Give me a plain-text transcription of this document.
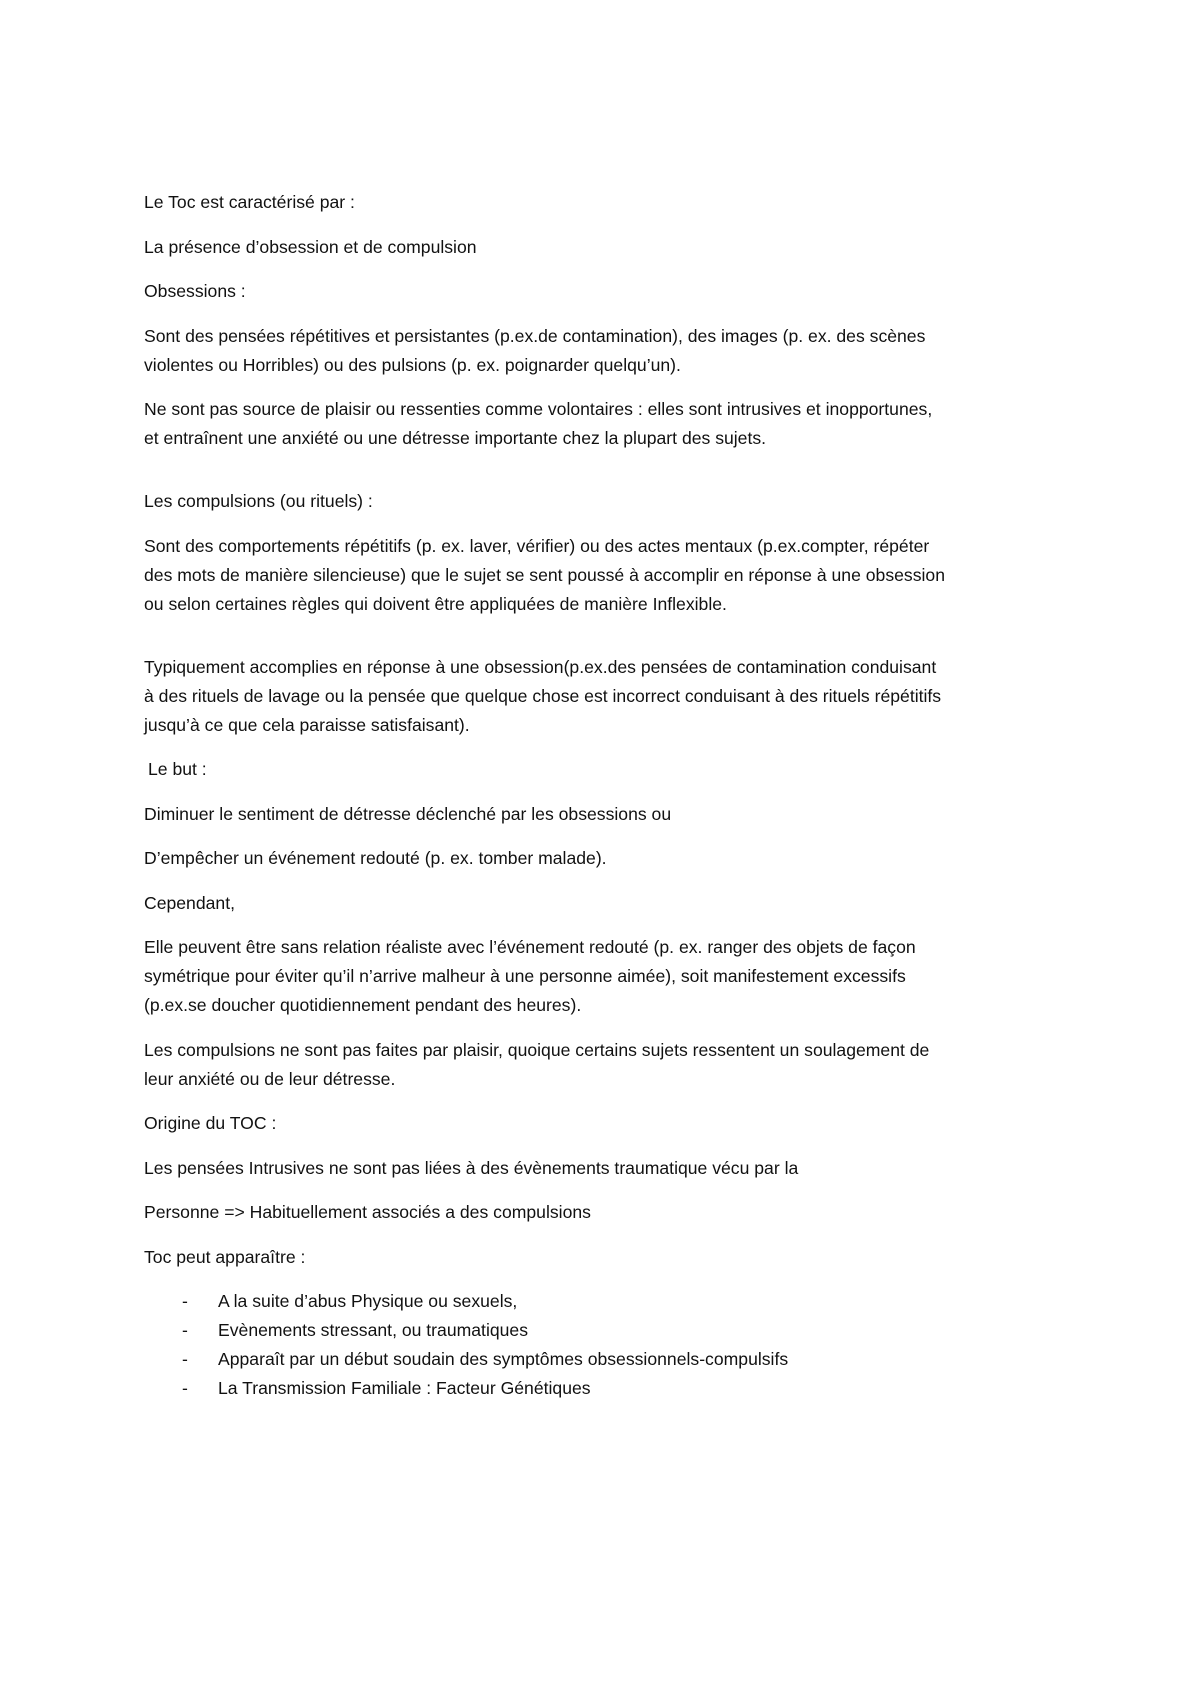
Le Toc est caractérisé par :

La présence d’obsession et de compulsion

Obsessions :

Sont des pensées répétitives et persistantes (p.ex.de contamination), des images (p. ex. des scènes
violentes ou Horribles) ou des pulsions (p. ex. poignarder quelqu’un).

Ne sont pas source de plaisir ou ressenties comme volontaires : elles sont intrusives et inopportunes,
et entraînent une anxiété ou une détresse importante chez la plupart des sujets.

Les compulsions (ou rituels) :

Sont des comportements répétitifs (p. ex. laver, vérifier) ou des actes mentaux (p.ex.compter, répéter
des mots de manière silencieuse) que le sujet se sent poussé à accomplir en réponse à une obsession
ou selon certaines règles qui doivent être appliquées de manière Inflexible.

Typiquement accomplies en réponse à une obsession(p.ex.des pensées de contamination conduisant
à des rituels de lavage ou la pensée que quelque chose est incorrect conduisant à des rituels répétitifs
jusqu’à ce que cela paraisse satisfaisant).

Le but :

Diminuer le sentiment de détresse déclenché par les obsessions ou

D’empêcher un événement redouté (p. ex. tomber malade).

Cependant,

Elle peuvent être sans relation réaliste avec l’événement redouté (p. ex. ranger des objets de façon
symétrique pour éviter qu’il n’arrive malheur à une personne aimée), soit manifestement excessifs
(p.ex.se doucher quotidiennement pendant des heures).

Les compulsions ne sont pas faites par plaisir, quoique certains sujets ressentent un soulagement de
leur anxiété ou de leur détresse.

Origine du TOC :

Les pensées Intrusives ne sont pas liées à des évènements traumatique vécu par la

Personne => Habituellement associés a des compulsions

Toc peut apparaître :

- A la suite d’abus Physique ou sexuels,
- Evènements stressant, ou traumatiques
- Apparaît par un début soudain des symptômes obsessionnels-compulsifs
- La Transmission Familiale : Facteur Génétiques
